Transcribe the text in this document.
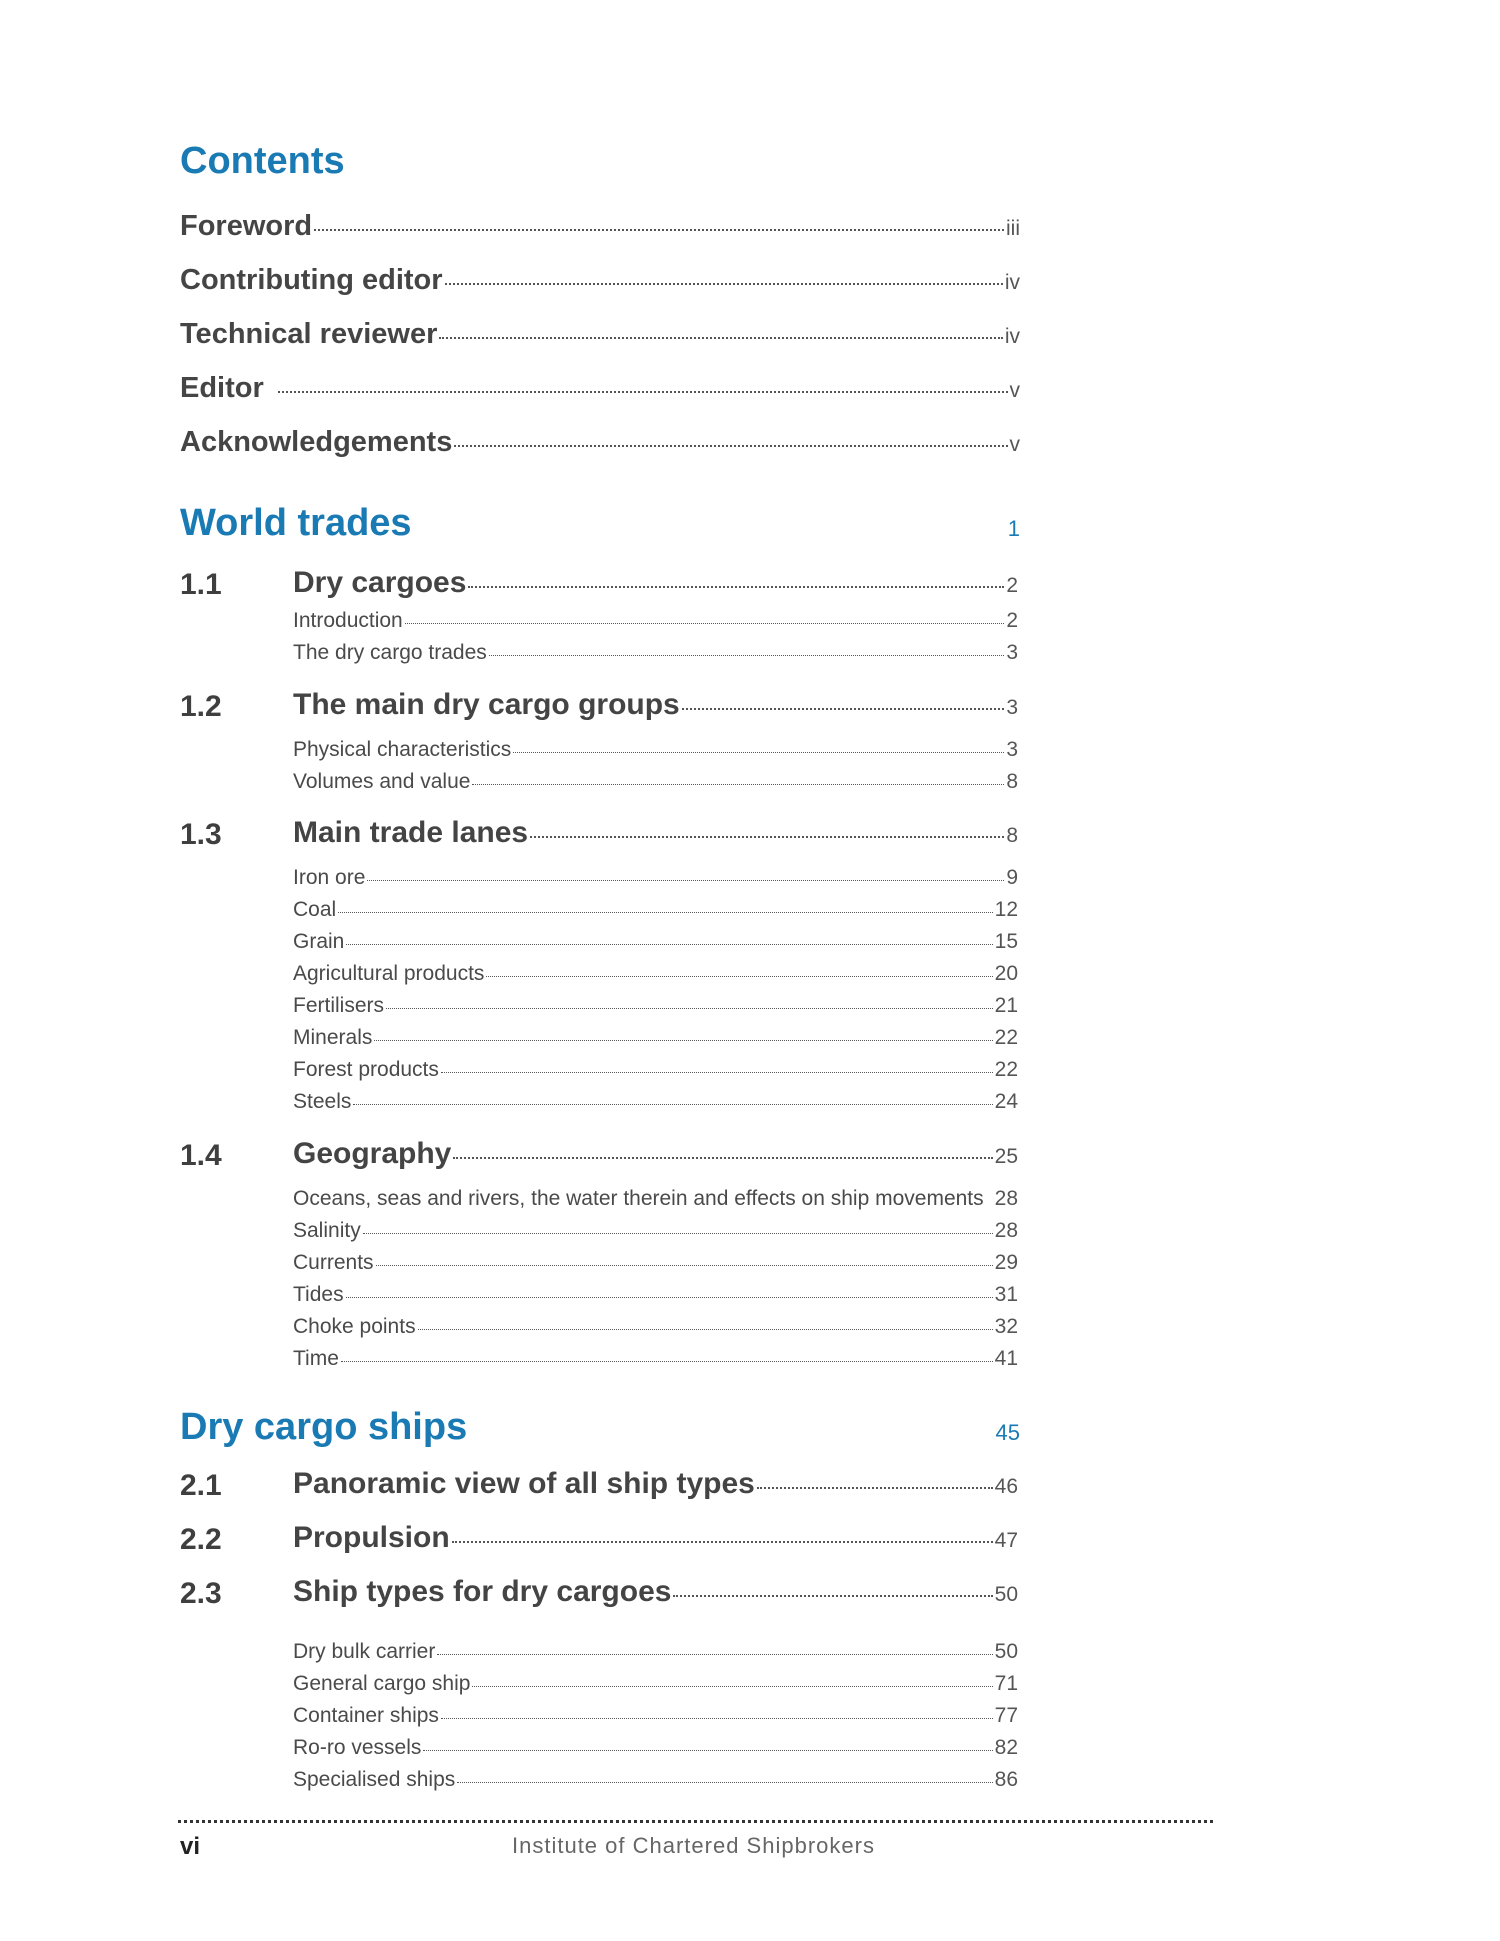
Contents
Foreword	iii
Contributing editor	iv
Technical reviewer	iv
Editor	v
Acknowledgements	v
World trades	1
1.1 Dry cargoes	2
Introduction	2
The dry cargo trades	3
1.2 The main dry cargo groups	3
Physical characteristics	3
Volumes and value	8
1.3 Main trade lanes	8
Iron ore	9
Coal	12
Grain	15
Agricultural products	20
Fertilisers	21
Minerals	22
Forest products	22
Steels	24
1.4 Geography	25
Oceans, seas and rivers, the water therein and effects on ship movements 28
Salinity	28
Currents	29
Tides	31
Choke points	32
Time	41
Dry cargo ships	45
2.1 Panoramic view of all ship types	46
2.2 Propulsion	47
2.3 Ship types for dry cargoes	50
Dry bulk carrier	50
General cargo ship	71
Container ships	77
Ro-ro vessels	82
Specialised ships	86
vi	Institute of Chartered Shipbrokers
